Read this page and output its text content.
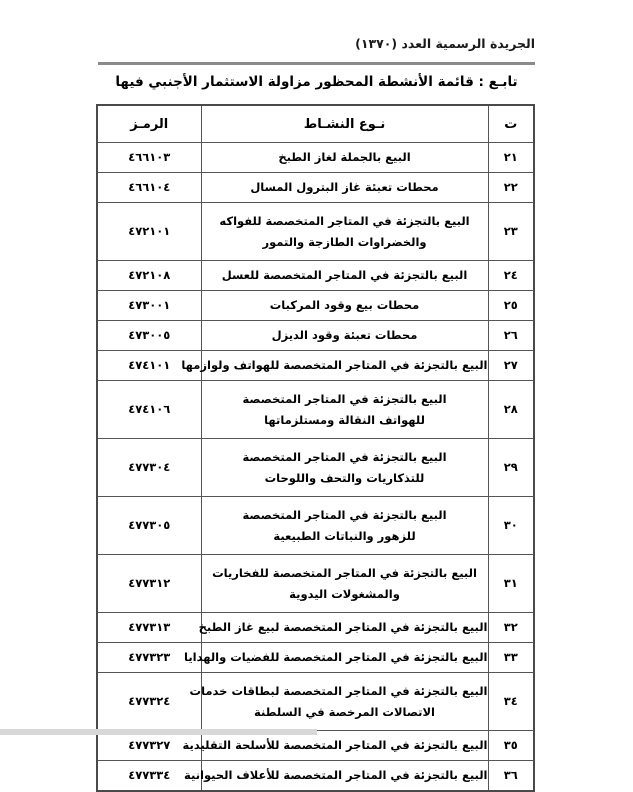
الجريدة الرسمية العدد (١٣٧٠)
تابـع : قائمة الأنشطة المحظور مزاولة الاستثمار الأجنبي فيها
ت	نـوع النشـاط	الرمـز
٢١	البيع بالجملة لغاز الطبخ	٤٦٦١٠٣
٢٢	محطات تعبئة غاز البترول المسال	٤٦٦١٠٤
٢٣	البيع بالتجزئة في المتاجر المتخصصة للفواكه
والخضراوات الطازجة والتمور	٤٧٢١٠١
٢٤	البيع بالتجزئة في المتاجر المتخصصة للعسل	٤٧٢١٠٨
٢٥	محطات بيع وقود المركبات	٤٧٣٠٠١
٢٦	محطات تعبئة وقود الديزل	٤٧٣٠٠٥
٢٧	البيع بالتجزئة في المتاجر المتخصصة للهواتف ولوازمها	٤٧٤١٠١
٢٨	البيع بالتجزئة في المتاجر المتخصصة
للهواتف النقالة ومستلزماتها	٤٧٤١٠٦
٢٩	البيع بالتجزئة في المتاجر المتخصصة
للتذكاريات والتحف واللوحات	٤٧٧٣٠٤
٣٠	البيع بالتجزئة في المتاجر المتخصصة
للزهور والنباتات الطبيعية	٤٧٧٣٠٥
٣١	البيع بالتجزئة في المتاجر المتخصصة للفخاريات
والمشغولات اليدوية	٤٧٧٣١٢
٣٢	البيع بالتجزئة في المتاجر المتخصصة لبيع غاز الطبخ	٤٧٧٣١٣
٣٣	البيع بالتجزئة في المتاجر المتخصصة للفضيات والهدايا	٤٧٧٣٢٣
٣٤	البيع بالتجزئة في المتاجر المتخصصة لبطاقات خدمات
الاتصالات المرخصة في السلطنة	٤٧٧٣٢٤
٣٥	البيع بالتجزئة في المتاجر المتخصصة للأسلحة التقليدية	٤٧٧٣٢٧
٣٦	البيع بالتجزئة في المتاجر المتخصصة للأعلاف الحيوانية	٤٧٧٣٣٤
